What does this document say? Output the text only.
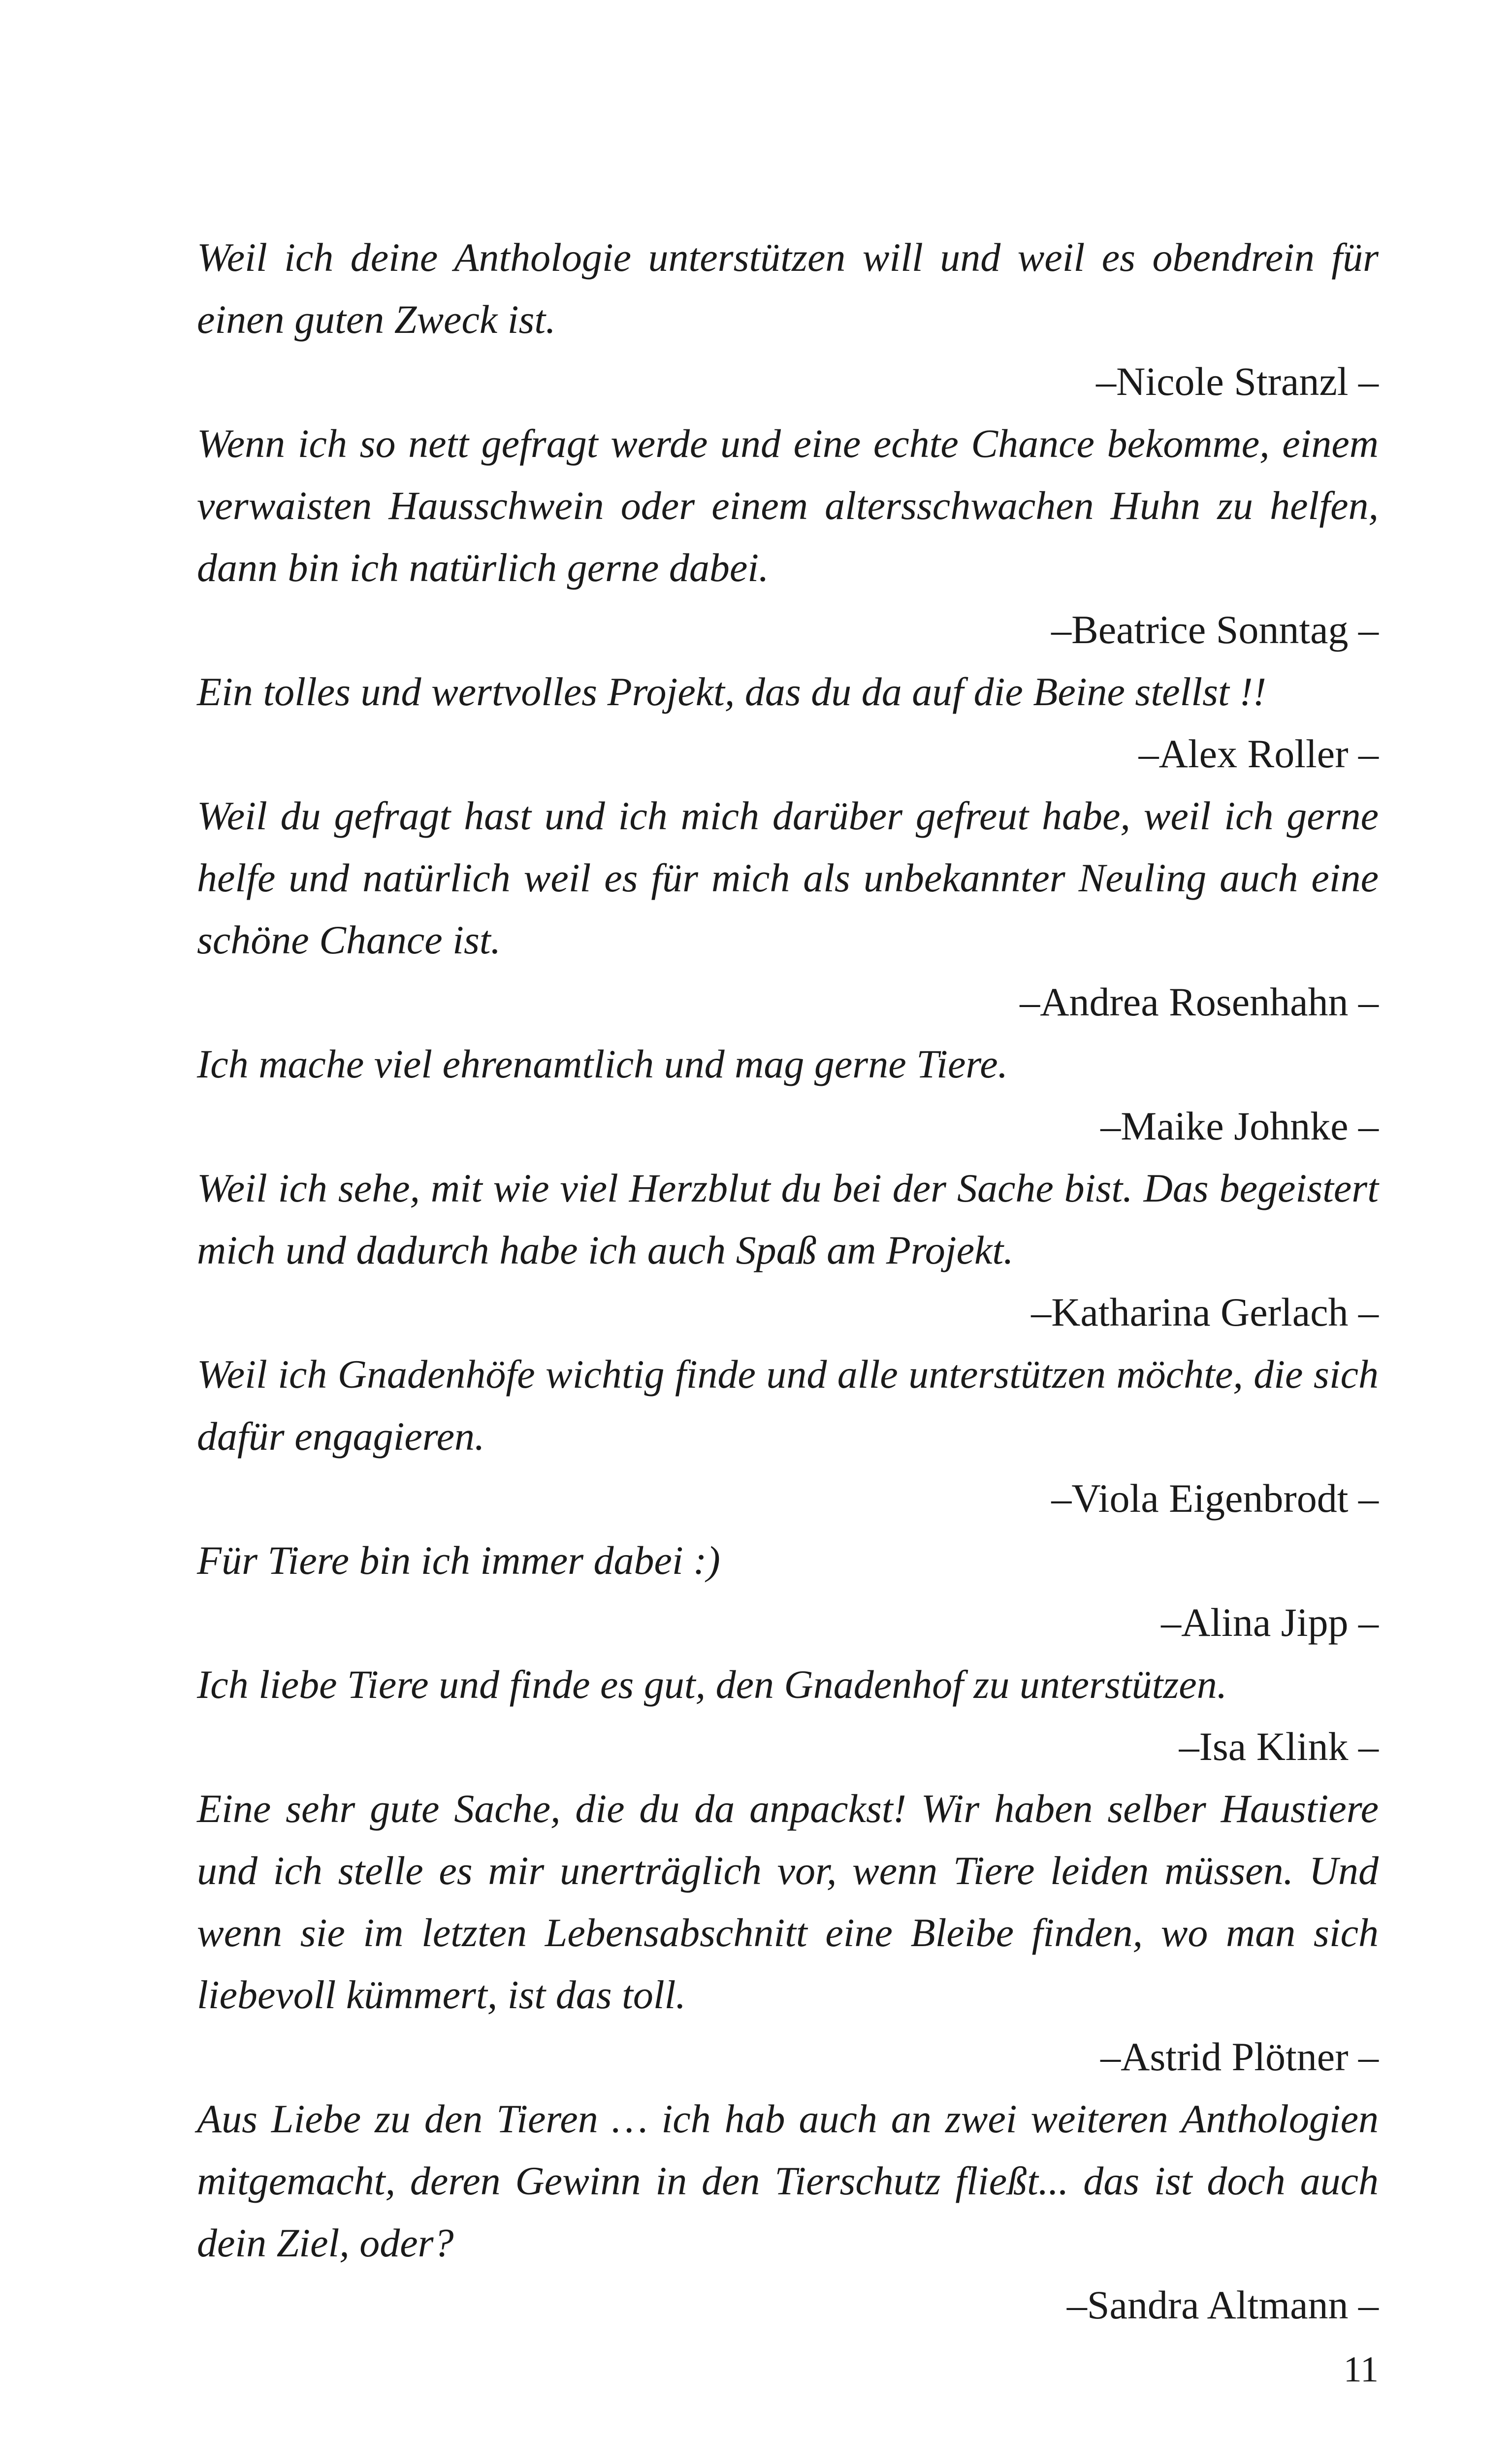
Weil ich deine Anthologie unterstützen will und weil es obendrein für einen guten Zweck ist.

–Nicole Stranzl –

Wenn ich so nett gefragt werde und eine echte Chance bekomme, einem verwaisten Hausschwein oder einem altersschwachen Huhn zu helfen, dann bin ich natürlich gerne dabei.

–Beatrice Sonntag –

Ein tolles und wertvolles Projekt, das du da auf die Beine stellst !!

–Alex Roller –

Weil du gefragt hast und ich mich darüber gefreut habe, weil ich gerne helfe und natürlich weil es für mich als unbekannter Neuling auch eine schöne Chance ist.

–Andrea Rosenhahn –

Ich mache viel ehrenamtlich und mag gerne Tiere.

–Maike Johnke –

Weil ich sehe, mit wie viel Herzblut du bei der Sache bist. Das begeistert mich und dadurch habe ich auch Spaß am Projekt.

–Katharina Gerlach –

Weil ich Gnadenhöfe wichtig finde und alle unterstützen möchte, die sich dafür engagieren.

–Viola Eigenbrodt –

Für Tiere bin ich immer dabei :)

–Alina Jipp –

Ich liebe Tiere und finde es gut, den Gnadenhof zu unterstützen.

–Isa Klink –

Eine sehr gute Sache, die du da anpackst! Wir haben selber Haustiere und ich stelle es mir unerträglich vor, wenn Tiere leiden müssen. Und wenn sie im letzten Lebensabschnitt eine Bleibe finden, wo man sich liebevoll kümmert, ist das toll.

–Astrid Plötner –

Aus Liebe zu den Tieren … ich hab auch an zwei weiteren Anthologien mitgemacht, deren Gewinn in den Tierschutz fließt... das ist doch auch dein Ziel, oder?

–Sandra Altmann –

11
